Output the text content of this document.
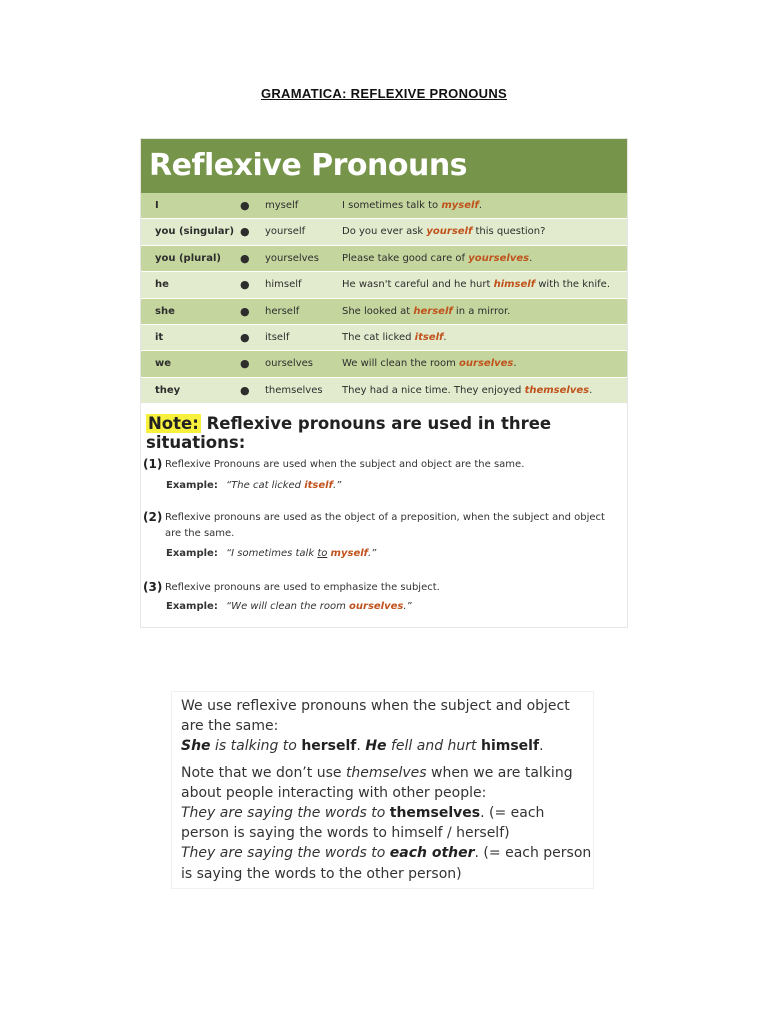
GRAMATICA: REFLEXIVE PRONOUNS
Reflexive Pronouns
I	● myself	I sometimes talk to myself.
you (singular) ● yourself	Do you ever ask yourself this question?
you (plural) ● yourselves Please take good care of yourselves.
he	● himself	He wasn't careful and he hurt himself with the knife.
she	● herself	She looked at herself in a mirror.
it	● itself	The cat licked itself.
we	● ourselves	We will clean the room ourselves.
they	● themselves They had a nice time. They enjoyed themselves.
Note: Reflexive pronouns are used in three situations:
(1) Reflexive Pronouns are used when the subject and object are the same.
Example: “The cat licked itself.”
(2) Reflexive pronouns are used as the object of a preposition, when the subject and object are the same.
Example: “I sometimes talk to myself.”
(3) Reflexive pronouns are used to emphasize the subject.
Example: “We will clean the room ourselves.”

We use reflexive pronouns when the subject and object are the same:

She is talking to herself. He fell and hurt himself.

Note that we don’t use themselves when we are talking about people interacting with other people:

They are saying the words to themselves. (= each person is saying the words to himself / herself)

They are saying the words to each other. (= each person is saying the words to the other person)
